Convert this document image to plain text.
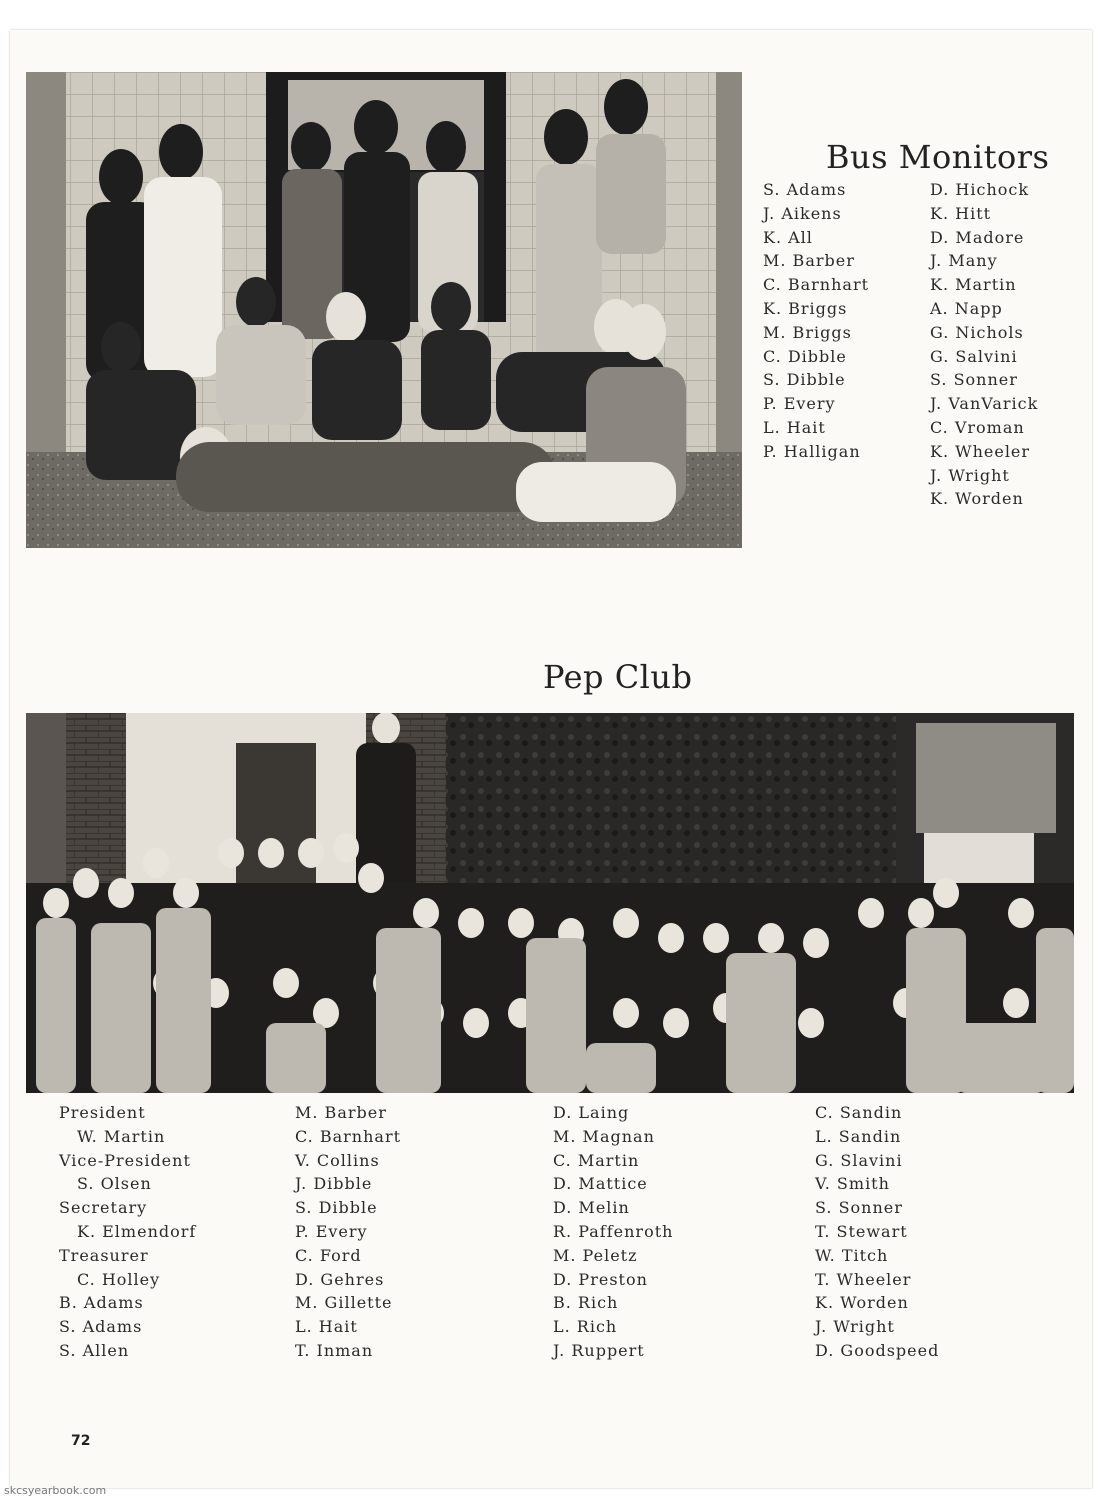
Bus Monitors
S. Adams
J. Aikens
K. All
M. Barber
C. Barnhart
K. Briggs
M. Briggs
C. Dibble
S. Dibble
P. Every
L. Hait
P. Halligan
D. Hichock
K. Hitt
D. Madore
J. Many
K. Martin
A. Napp
G. Nichols
G. Salvini
S. Sonner
J. VanVarick
C. Vroman
K. Wheeler
J. Wright
K. Worden
Pep Club
President
W. Martin
Vice-President
S. Olsen
Secretary
K. Elmendorf
Treasurer
C. Holley
B. Adams
S. Adams
S. Allen
M. Barber
C. Barnhart
V. Collins
J. Dibble
S. Dibble
P. Every
C. Ford
D. Gehres
M. Gillette
L. Hait
T. Inman
D. Laing
M. Magnan
C. Martin
D. Mattice
D. Melin
R. Paffenroth
M. Peletz
D. Preston
B. Rich
L. Rich
J. Ruppert
C. Sandin
L. Sandin
G. Slavini
V. Smith
S. Sonner
T. Stewart
W. Titch
T. Wheeler
K. Worden
J. Wright
D. Goodspeed
72
skcsyearbook.com
